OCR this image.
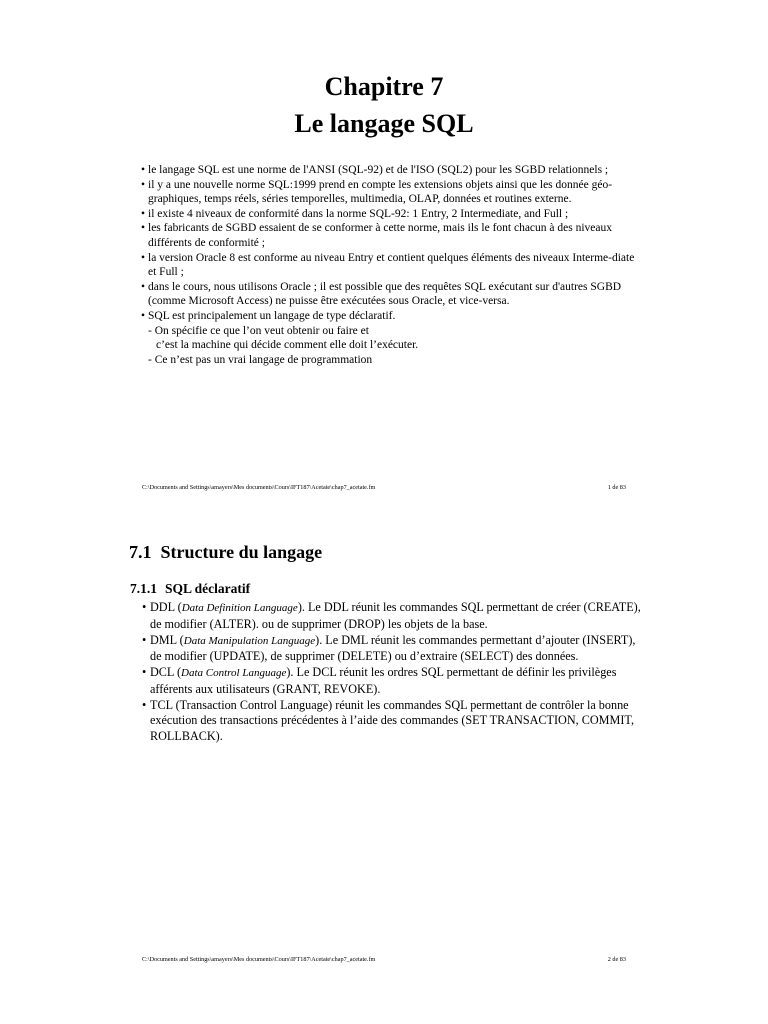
Chapitre 7
Le langage SQL

• le langage SQL est une norme de l'ANSI (SQL-92) et de l'ISO (SQL2) pour les SGBD relationnels ;

• il y a une nouvelle norme SQL:1999 prend en compte les extensions objets ainsi que les donnée géo-graphiques, temps réels, séries temporelles, multimedia, OLAP, données et routines externe.

• il existe 4 niveaux de conformité dans la norme SQL-92: 1 Entry, 2 Intermediate, and Full ;

• les fabricants de SGBD essaient de se conformer à cette norme, mais ils le font chacun à des niveaux différents de conformité ;

• la version Oracle 8 est conforme au niveau Entry et contient quelques éléments des niveaux Interme-diate et Full ;

• dans le cours, nous utilisons Oracle ; il est possible que des requêtes SQL exécutant sur d'autres SGBD (comme Microsoft Access) ne puisse être exécutées sous Oracle, et vice-versa.

• SQL est principalement un langage de type déclaratif.

- On spécifie ce que l’on veut obtenir ou faire et
c’est la machine qui décide comment elle doit l’exécuter.

- Ce n’est pas un vrai langage de programmation

C:\Documents and Settings\amayers\Mes documents\Cours\IFT187\Acetate\chap7_acetate.fm	1 de 83
7.1 Structure du langage
7.1.1 SQL déclaratif

• DDL (Data Definition Language). Le DDL réunit les commandes SQL permettant de créer (CREATE), de modifier (ALTER). ou de supprimer (DROP) les objets de la base.

• DML (Data Manipulation Language). Le DML réunit les commandes permettant d’ajouter (INSERT), de modifier (UPDATE), de supprimer (DELETE) ou d’extraire (SELECT) des données.

• DCL (Data Control Language). Le DCL réunit les ordres SQL permettant de définir les privilèges afférents aux utilisateurs (GRANT, REVOKE).

• TCL (Transaction Control Language) réunit les commandes SQL permettant de contrôler la bonne exécution des transactions précédentes à l’aide des commandes (SET TRANSACTION, COMMIT, ROLLBACK).

C:\Documents and Settings\amayers\Mes documents\Cours\IFT187\Acetate\chap7_acetate.fm	2 de 83
